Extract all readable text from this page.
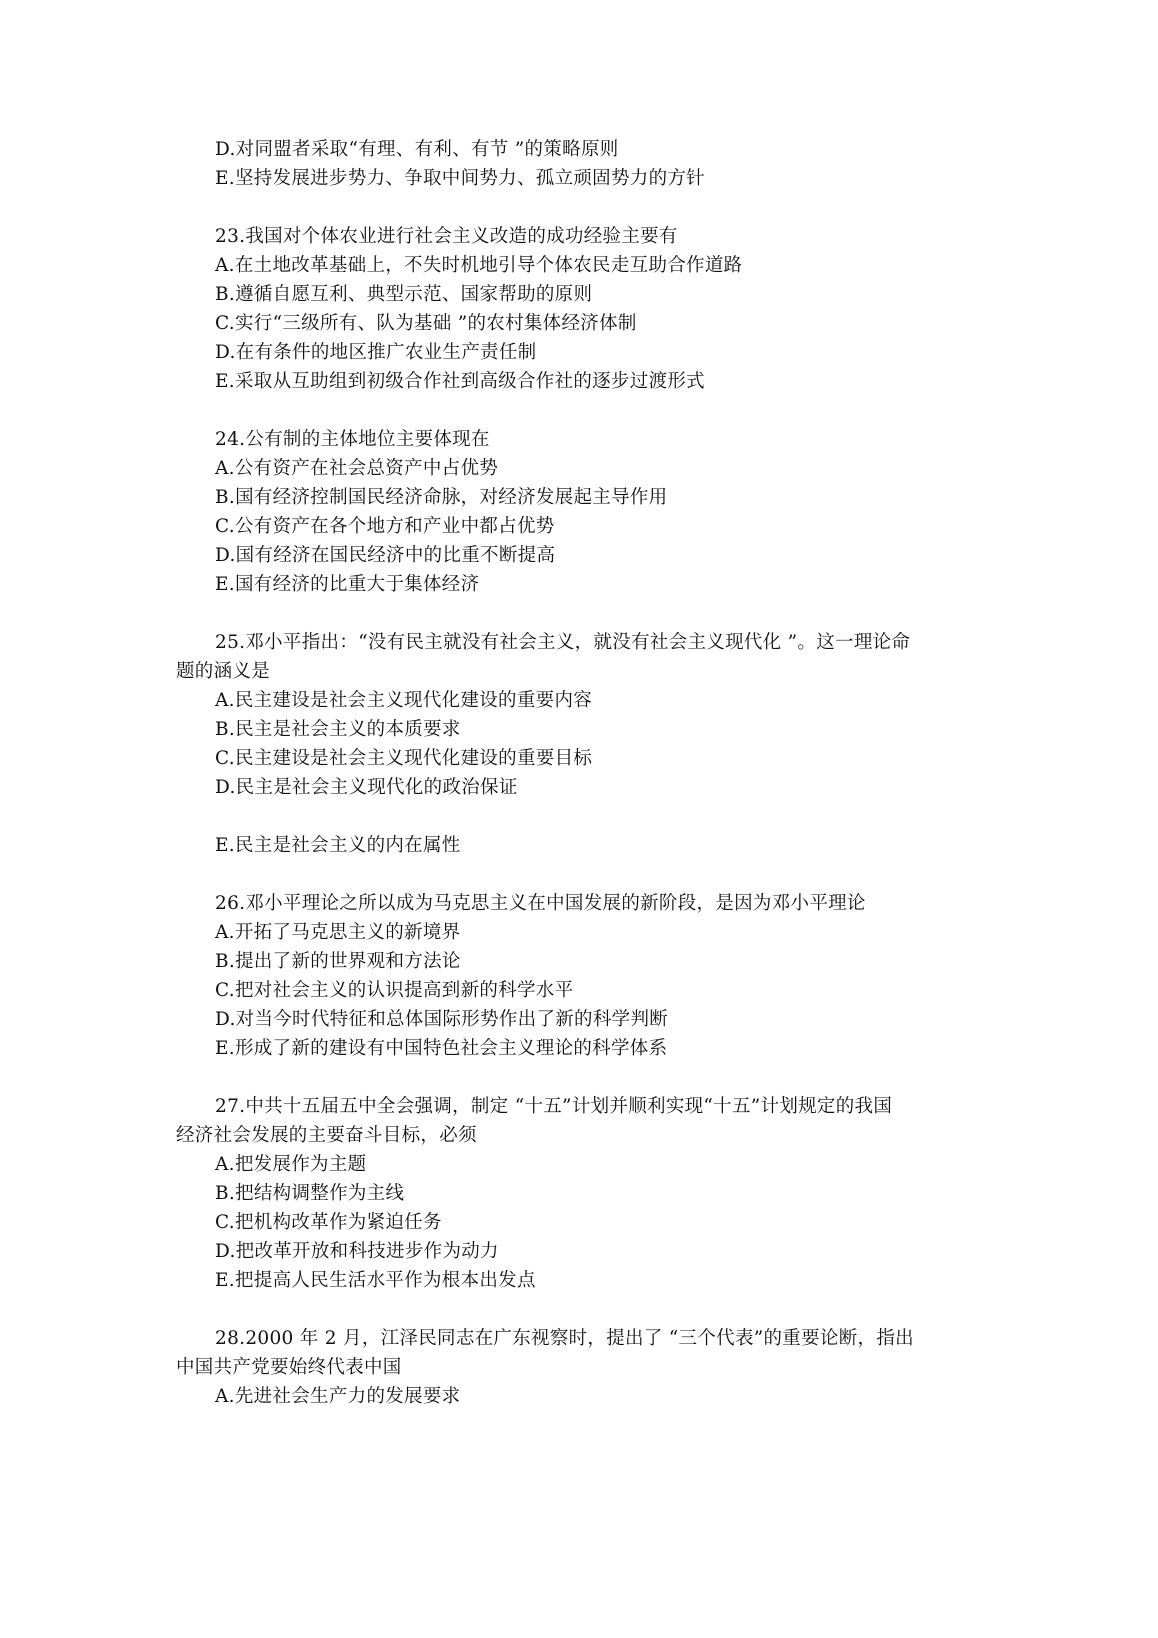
D.对同盟者采取“有理、有利、有节 ”的策略原则
E.坚持发展进步势力、争取中间势力、孤立顽固势力的方针
23.我国对个体农业进行社会主义改造的成功经验主要有
A.在土地改革基础上，不失时机地引导个体农民走互助合作道路
B.遵循自愿互利、典型示范、国家帮助的原则
C.实行“三级所有、队为基础 ”的农村集体经济体制
D.在有条件的地区推广农业生产责任制
E.采取从互助组到初级合作社到高级合作社的逐步过渡形式
24.公有制的主体地位主要体现在
A.公有资产在社会总资产中占优势
B.国有经济控制国民经济命脉，对经济发展起主导作用
C.公有资产在各个地方和产业中都占优势
D.国有经济在国民经济中的比重不断提高
E.国有经济的比重大于集体经济
25.邓小平指出：“没有民主就没有社会主义，就没有社会主义现代化 ”。这一理论命
题的涵义是
A.民主建设是社会主义现代化建设的重要内容
B.民主是社会主义的本质要求
C.民主建设是社会主义现代化建设的重要目标
D.民主是社会主义现代化的政治保证
E.民主是社会主义的内在属性
26.邓小平理论之所以成为马克思主义在中国发展的新阶段，是因为邓小平理论
A.开拓了马克思主义的新境界
B.提出了新的世界观和方法论
C.把对社会主义的认识提高到新的科学水平
D.对当今时代特征和总体国际形势作出了新的科学判断
E.形成了新的建设有中国特色社会主义理论的科学体系
27.中共十五届五中全会强调，制定 “十五”计划并顺利实现“十五”计划规定的我国
经济社会发展的主要奋斗目标，必须
A.把发展作为主题
B.把结构调整作为主线
C.把机构改革作为紧迫任务
D.把改革开放和科技进步作为动力
E.把提高人民生活水平作为根本出发点
28.2000 年 2 月，江泽民同志在广东视察时，提出了 “三个代表”的重要论断，指出
中国共产党要始终代表中国
A.先进社会生产力的发展要求
